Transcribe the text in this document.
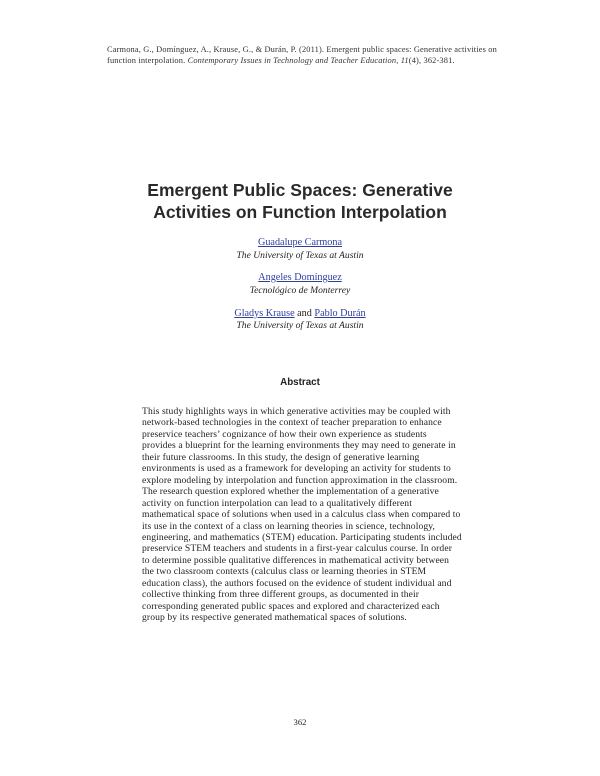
Carmona, G., Domínguez, A., Krause, G., & Durán, P. (2011). Emergent public spaces: Generative activities on function interpolation. Contemporary Issues in Technology and Teacher Education, 11(4), 362-381.
Emergent Public Spaces: Generative
Activities on Function Interpolation
Guadalupe Carmona
The University of Texas at Austin
Angeles Domínguez
Tecnológico de Monterrey
Gladys Krause and Pablo Durán
The University of Texas at Austin
Abstract

This study highlights ways in which generative activities may be coupled with network-based technologies in the context of teacher preparation to enhance preservice teachers’ cognizance of how their own experience as students provides a blueprint for the learning environments they may need to generate in their future classrooms. In this study, the design of generative learning environments is used as a framework for developing an activity for students to explore modeling by interpolation and function approximation in the classroom. The research question explored whether the implementation of a generative activity on function interpolation can lead to a qualitatively different mathematical space of solutions when used in a calculus class when compared to its use in the context of a class on learning theories in science, technology, engineering, and mathematics (STEM) education. Participating students included preservice STEM teachers and students in a first-year calculus course. In order to determine possible qualitative differences in mathematical activity between the two classroom contexts (calculus class or learning theories in STEM education class), the authors focused on the evidence of student individual and collective thinking from three different groups, as documented in their corresponding generated public spaces and explored and characterized each group by its respective generated mathematical spaces of solutions.

362
